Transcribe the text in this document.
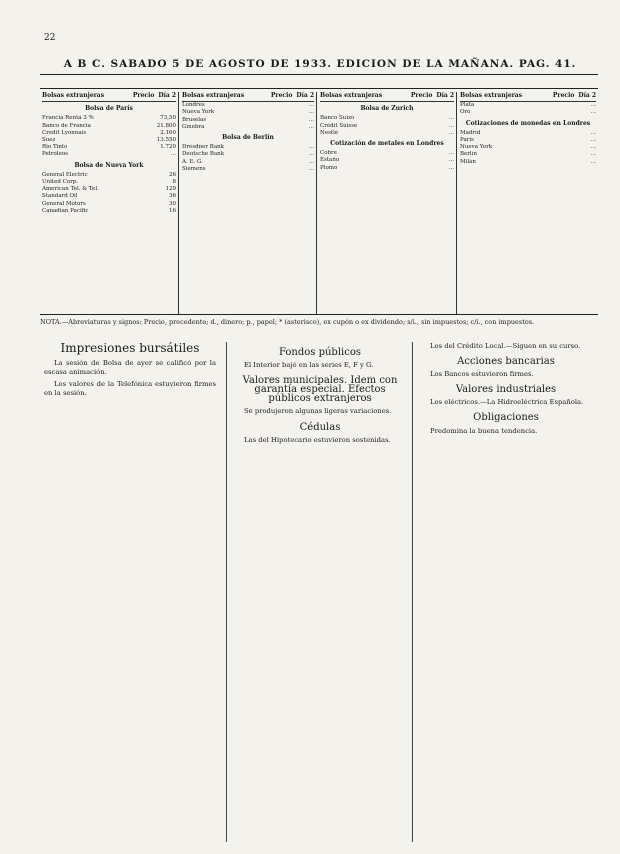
22
A B C. SABADO 5 DE AGOSTO DE 1933. EDICION DE LA MAÑANA. PAG. 41.
Bolsas extranjeras	Precio Día 2
Bolsa de París
Francia Renta 3 %	73,50
Banco de Francia	21.800
Crédit Lyonnais	2.160
Suez	13.550
Rio Tinto	1.720
Petróleos	...
Bolsa de Nueva York
General Electric	26
United Corp.	8
American Tel. & Tel.	129
Standard Oil	36
General Motors	30
Canadian Pacific	16
Bolsas extranjeras	Precio Día 2
Londres	...
Nueva York	...
Bruselas	...
Ginebra	...
Bolsa de Berlín
Dresdner Bank	...
Deutsche Bank	...
A. E. G.	...
Siemens	...
Bolsas extranjeras	Precio Día 2
Bolsa de Zurich
Banco Suizo	...
Crédit Suisse	...
Nestlé	...
Cotización de metales en Londres
Cobre	...
Estaño	...
Plomo	...
Bolsas extranjeras	Precio Día 2
Plata	...
Oro	...
Cotizaciones de monedas en Londres
Madrid	...
París	...
Nueva York	...
Berlín	...
Milán	...
NOTA.—Abreviaturas y signos: Precio, precedente; d., dinero; p., papel; * (asterisco), ex cupón o ex dividendo; s/i., sin impuestos; c/i., con impuestos.
Impresiones bursátiles

La sesión de Bolsa de ayer se calificó por la escasa animación.

Los valores de la Telefónica estuvieron firmes en la sesión.

Fondos públicos

El Interior bajó en las series E, F y G.

Valores municipales. Idem con garantía especial. Efectos públicos extranjeros

Se produjeron algunas ligeras variaciones.

Cédulas

Las del Hipotecario estuvieron sostenidas.

Los del Crédito Local.—Siguen en su curso.

Acciones bancarias

Los Bancos estuvieron firmes.

Valores industriales

Los eléctricos.—La Hidroeléctrica Española.

Obligaciones

Predomina la buena tendencia.
